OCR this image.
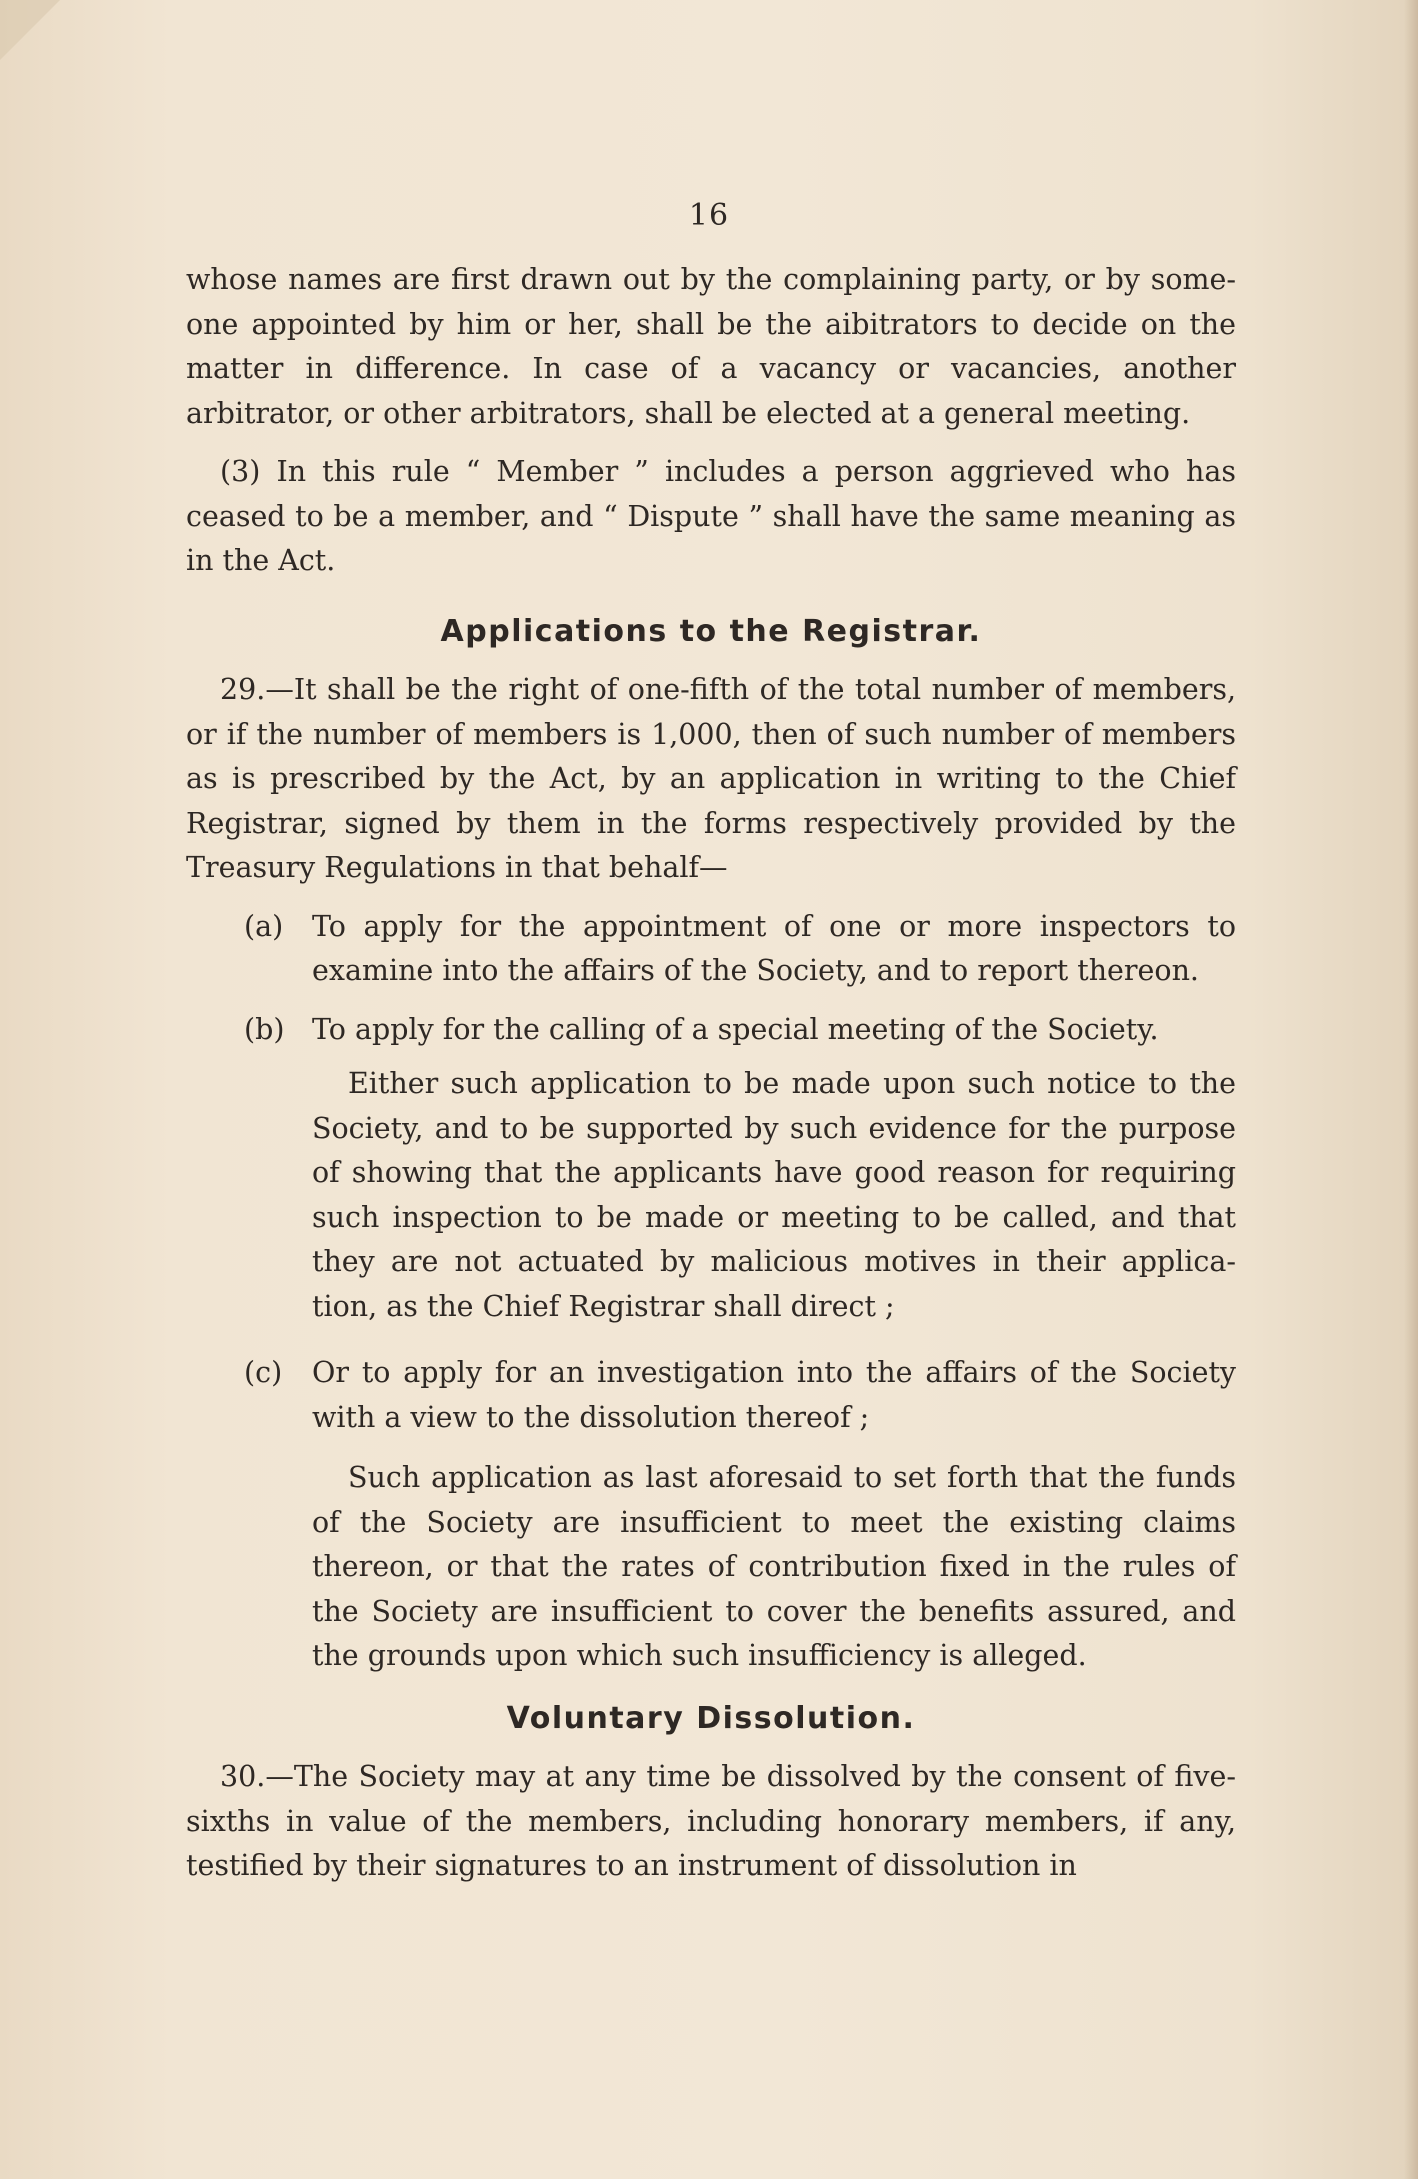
16

whose names are first drawn out by the complaining party, or by some-one appointed by him or her, shall be the aibitrators to decide on the matter in difference. In case of a vacancy or vacancies, another arbitrator, or other arbitrators, shall be elected at a general meeting.

(3) In this rule “ Member ” includes a person aggrieved who has ceased to be a member, and “ Dispute ” shall have the same meaning as in the Act.

Applications to the Registrar.

29.—It shall be the right of one-fifth of the total number of members, or if the number of members is 1,000, then of such number of members as is prescribed by the Act, by an application in writing to the Chief Registrar, signed by them in the forms respectively provided by the Treasury Regulations in that behalf—

(a) To apply for the appointment of one or more inspectors to examine into the affairs of the Society, and to report thereon.
(b) To apply for the calling of a special meeting of the Society.
Either such application to be made upon such notice to the Society, and to be supported by such evidence for the purpose of showing that the applicants have good reason for requiring such inspection to be made or meeting to be called, and that they are not actuated by malicious motives in their applica-tion, as the Chief Registrar shall direct ;
(c) Or to apply for an investigation into the affairs of the Society with a view to the dissolution thereof ;
Such application as last aforesaid to set forth that the funds of the Society are insufficient to meet the existing claims thereon, or that the rates of contribution fixed in the rules of the Society are insufficient to cover the benefits assured, and the grounds upon which such insufficiency is alleged.
Voluntary Dissolution.

30.—The Society may at any time be dissolved by the consent of five-sixths in value of the members, including honorary members, if any, testified by their signatures to an instrument of dissolution in
